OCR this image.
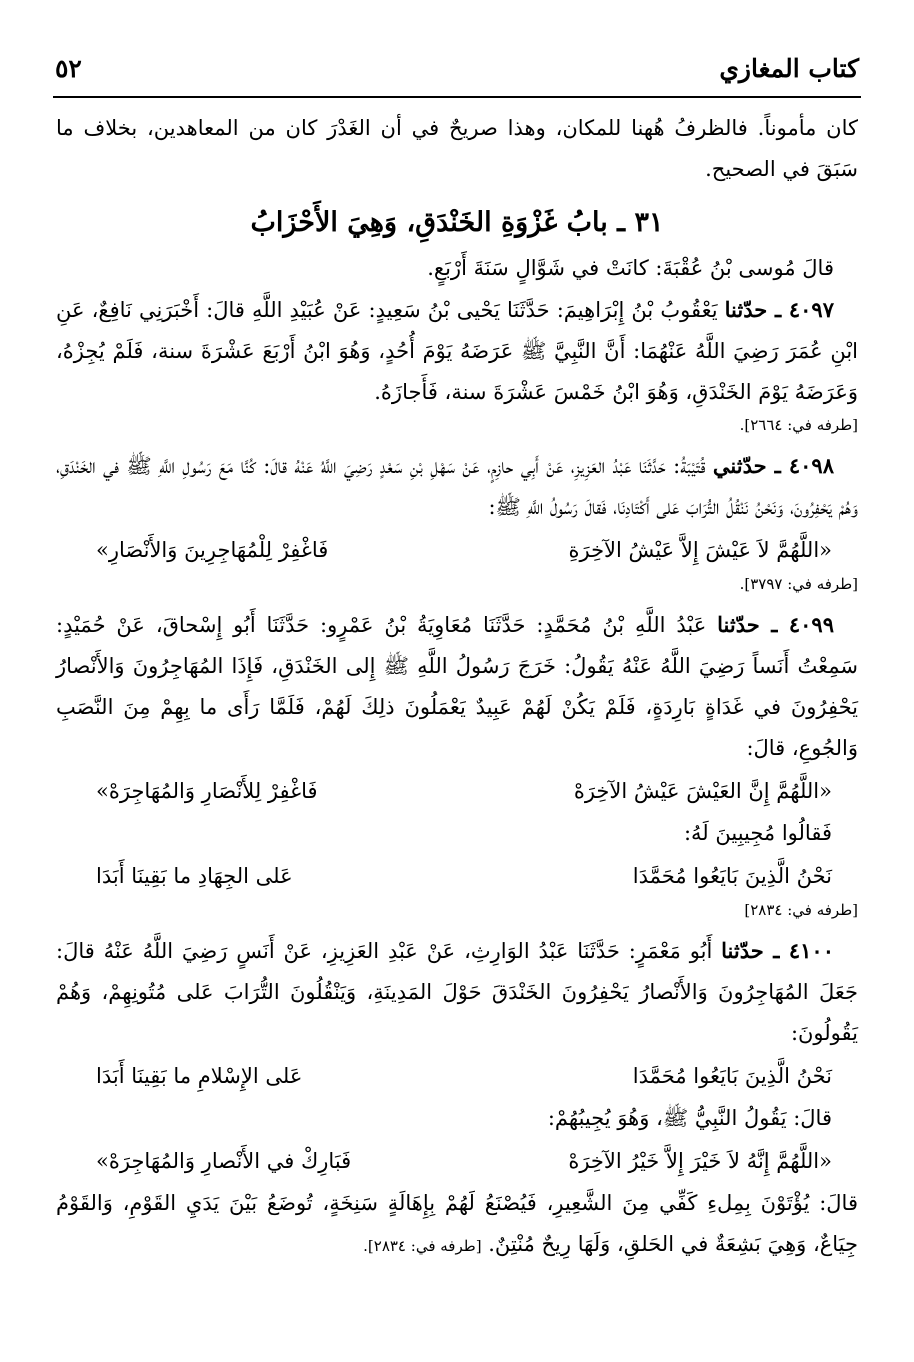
كتاب المغازي
٥٢

كان مأموناً. فالظرفُ هُهنا للمكان، وهذا صريحٌ في أن الغَدْرَ كان من المعاهدين، بخلاف ما سَبَقَ في الصحيح.

٣١ ـ بابُ غَزْوَةِ الخَنْدَقِ، وَهِيَ الأَحْزَابُ

قالَ مُوسى بْنُ عُقْبَةَ: كانَتْ في شَوَّالٍ سَنَةَ أَرْبَعٍ.

٤٠٩٧ ـ حدّثنا يَعْقُوبُ بْنُ إِبْرَاهِيمَ: حَدَّثَنَا يَحْيى بْنُ سَعِيدٍ: عَنْ عُبَيْدِ اللَّهِ قالَ: أَخْبَرَنِي نَافِعٌ، عَنِ ابْنِ عُمَرَ رَضِيَ اللَّهُ عَنْهُمَا: أَنَّ النَّبِيَّ ﷺ عَرَضَهُ يَوْمَ أُحُدٍ، وَهُوَ ابْنُ أَرْبَعَ عَشْرَةَ سنة، فَلَمْ يُجِزْهُ، وَعَرَضَهُ يَوْمَ الخَنْدَقِ، وَهُوَ ابْنُ خَمْسَ عَشْرَةَ سنة، فَأَجازَهُ.

[طرفه في: ٢٦٦٤].

٤٠٩٨ ـ حدّثني قُتَيْبَةُ: حَدَّثَنَا عَبْدُ العَزِيزِ، عَنْ أَبِي حازِمٍ، عَنْ سَهْلِ بْنِ سَعْدٍ رَضِيَ اللَّهُ عَنْهُ قالَ: كُنَّا مَعَ رَسُولِ اللَّهِ ﷺ في الخَنْدَقِ، وَهُمْ يَحْفِرُونَ، وَنَحْنُ نَنْقُلُ التُّرَابَ عَلى أَكْتَادِنَا، فَقالَ رَسُولُ اللَّهِ ﷺ:

«اللَّهُمَّ لاَ عَيْشَ إِلاَّ عَيْشُ الآخِرَةِ
فَاغْفِرْ لِلْمُهَاجِرِينَ وَالأَنْصَارِ»
[طرفه في: ٣٧٩٧].

٤٠٩٩ ـ حدّثنا عَبْدُ اللَّهِ بْنُ مُحَمَّدٍ: حَدَّثَنَا مُعَاوِيَةُ بْنُ عَمْرٍو: حَدَّثَنَا أَبُو إِسْحاقَ، عَنْ حُمَيْدٍ: سَمِعْتُ أَنَساً رَضِيَ اللَّهُ عَنْهُ يَقُولُ: خَرَجَ رَسُولُ اللَّهِ ﷺ إِلى الخَنْدَقِ، فَإِذَا المُهَاجِرُونَ وَالأَنْصارُ يَحْفِرُونَ في غَدَاةٍ بَارِدَةٍ، فَلَمْ يَكُنْ لَهُمْ عَبِيدٌ يَعْمَلُونَ ذلِكَ لَهُمْ، فَلَمَّا رَأَى ما بِهِمْ مِنَ النَّصَبِ وَالجُوعِ، قالَ:

«اللَّهُمَّ إِنَّ العَيْشَ عَيْشُ الآخِرَهْ
فَاغْفِرْ لِلأَنْصَارِ وَالمُهَاجِرَهْ»

فَقالُوا مُجِيبِينَ لَهُ:

نَحْنُ الَّذِينَ بَايَعُوا مُحَمَّدَا
عَلى الجِهَادِ ما بَقِينَا أَبَدَا
[طرفه في: ٢٨٣٤]

٤١٠٠ ـ حدّثنا أَبُو مَعْمَرٍ: حَدَّثَنَا عَبْدُ الوَارِثِ، عَنْ عَبْدِ العَزِيزِ، عَنْ أَنَسٍ رَضِيَ اللَّهُ عَنْهُ قالَ: جَعَلَ المُهَاجِرُونَ وَالأَنْصارُ يَحْفِرُونَ الخَنْدَقَ حَوْلَ المَدِينَةِ، وَيَنْقُلُونَ التُّرَابَ عَلى مُتُونِهِمْ، وَهُمْ يَقُولُونَ:

نَحْنُ الَّذِينَ بَايَعُوا مُحَمَّدَا
عَلى الإِسْلامِ ما بَقِينَا أَبَدَا

قالَ: يَقُولُ النَّبِيُّ ﷺ، وَهُوَ يُجِيبُهُمْ:

«اللَّهُمَّ إِنَّهُ لاَ خَيْرَ إِلاَّ خَيْرُ الآخِرَهْ
فَبَارِكْ في الأَنْصارِ وَالمُهَاجِرَهْ»

قالَ: يُؤْتَوْنَ بِمِلءِ كَفِّي مِنَ الشَّعِيرِ، فَيُصْنَعُ لَهُمْ بِإِهَالَةٍ سَنِخَةٍ، تُوضَعُ بَيْنَ يَدَيِ القَوْمِ، وَالقَوْمُ جِيَاعٌ، وَهِيَ بَشِعَةٌ في الحَلقِ، وَلَهَا رِيحٌ مُنْتِنٌ. [طرفه في: ٢٨٣٤].
